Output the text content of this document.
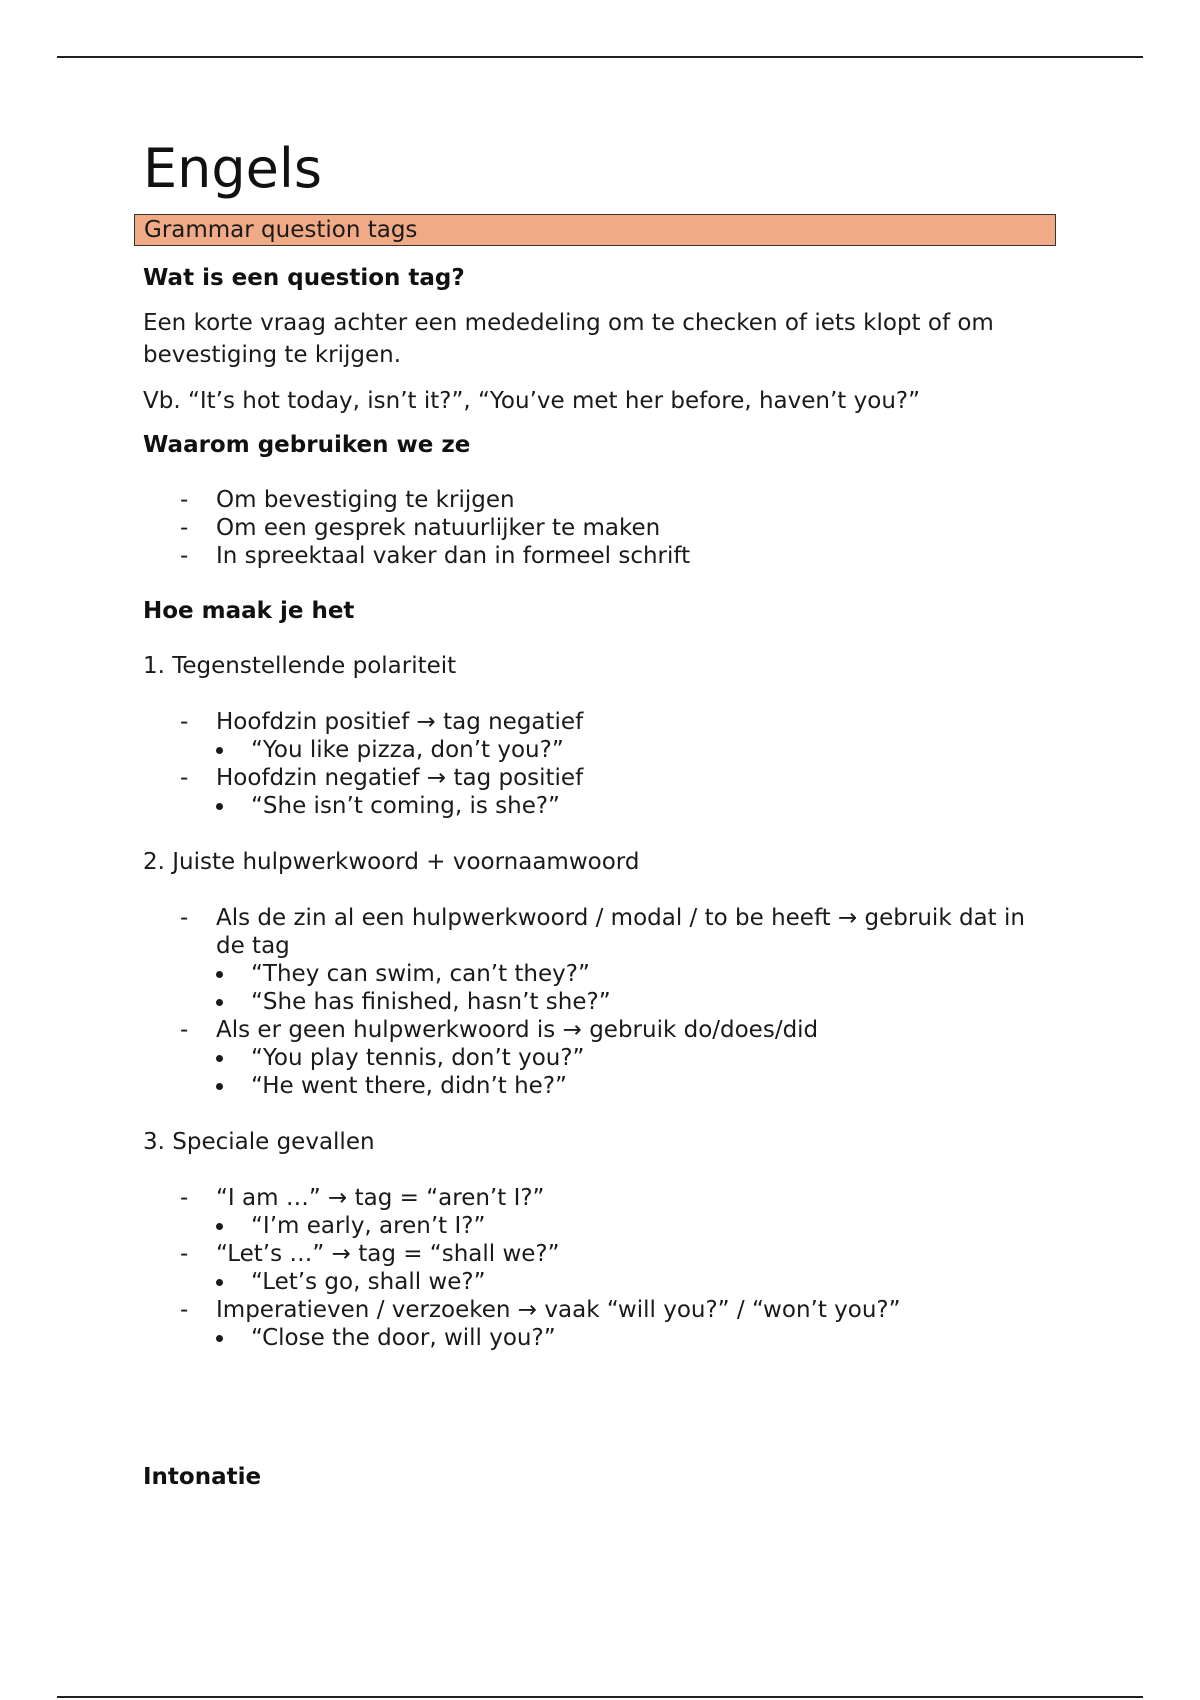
Engels
Grammar question tags
Wat is een question tag?
Een korte vraag achter een mededeling om te checken of iets klopt of om bevestiging te krijgen.
Vb. “It’s hot today, isn’t it?”, “You’ve met her before, haven’t you?”
Waarom gebruiken we ze
- Om bevestiging te krijgen
- Om een gesprek natuurlijker te maken
- In spreektaal vaker dan in formeel schrift
Hoe maak je het
1. Tegenstellende polariteit
- Hoofdzin positief → tag negatief
“You like pizza, don’t you?”
- Hoofdzin negatief → tag positief
“She isn’t coming, is she?”
2. Juiste hulpwerkwoord + voornaamwoord
- Als de zin al een hulpwerkwoord / modal / to be heeft → gebruik dat in de tag
“They can swim, can’t they?”
“She has finished, hasn’t she?”
- Als er geen hulpwerkwoord is → gebruik do/does/did
“You play tennis, don’t you?”
“He went there, didn’t he?”
3. Speciale gevallen
- “I am …” → tag = “aren’t I?”
“I’m early, aren’t I?”
- “Let’s …” → tag = “shall we?”
“Let’s go, shall we?”
- Imperatieven / verzoeken → vaak “will you?” / “won’t you?”
“Close the door, will you?”
Intonatie
